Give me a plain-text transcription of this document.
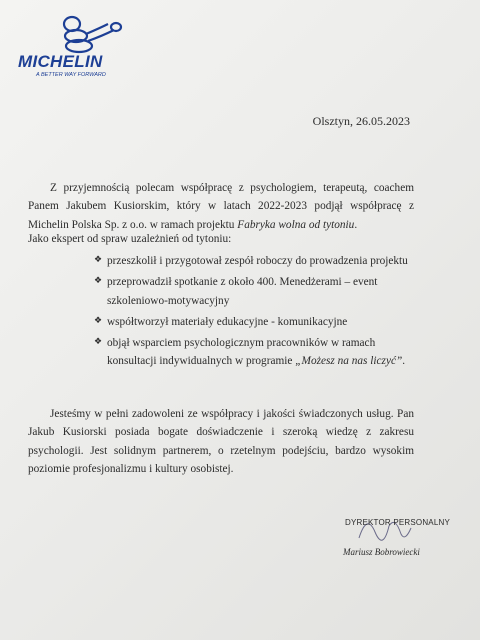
MICHELIN
A BETTER WAY FORWARD
Olsztyn, 26.05.2023
Z przyjemnością polecam współpracę z psychologiem, terapeutą, coachem Panem Jakubem Kusiorskim, który w latach 2022-2023 podjął współpracę z Michelin Polska Sp. z o.o. w ramach projektu Fabryka wolna od tytoniu.
Jako ekspert od spraw uzależnień od tytoniu:
❖ przeszkolił i przygotował zespół roboczy do prowadzenia projektu
❖ przeprowadził spotkanie z około 400. Menedżerami – event szkoleniowo-motywacyjny
❖ współtworzył materiały edukacyjne - komunikacyjne
❖ objął wsparciem psychologicznym pracowników w ramach konsultacji indywidualnych w programie „Możesz na nas liczyć”.
Jesteśmy w pełni zadowoleni ze współpracy i jakości świadczonych usług. Pan Jakub Kusiorski posiada bogate doświadczenie i szeroką wiedzę z zakresu psychologii. Jest solidnym partnerem, o rzetelnym podejściu, bardzo wysokim poziomie profesjonalizmu i kultury osobistej.
DYREKTOR PERSONALNY
Mariusz Bobrowiecki
